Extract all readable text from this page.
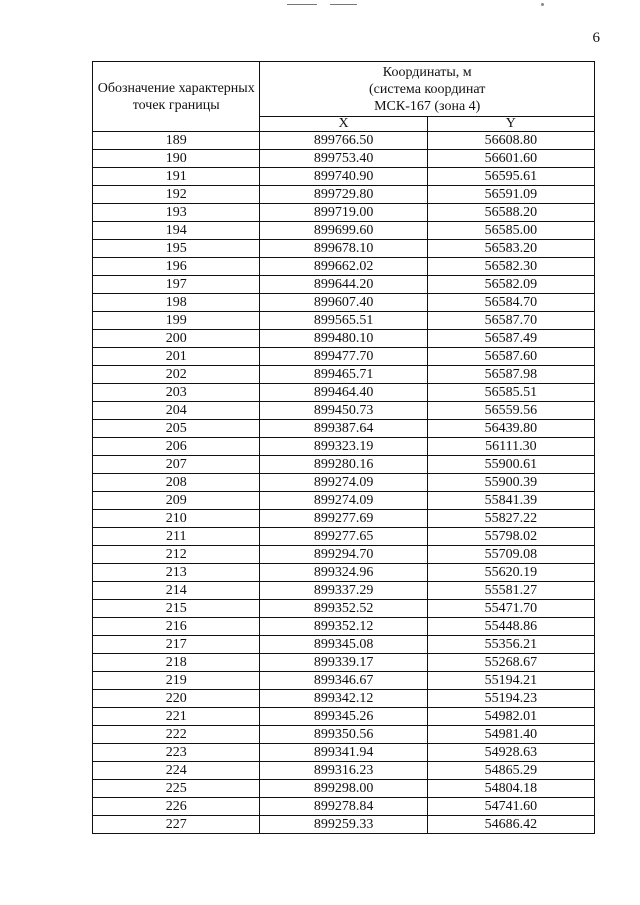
6
Обозначение характерных точек границы	Координаты, м
(система координат
МСК-167 (зона 4)	
	X	Y
189	899766.50	56608.80
190	899753.40	56601.60
191	899740.90	56595.61
192	899729.80	56591.09
193	899719.00	56588.20
194	899699.60	56585.00
195	899678.10	56583.20
196	899662.02	56582.30
197	899644.20	56582.09
198	899607.40	56584.70
199	899565.51	56587.70
200	899480.10	56587.49
201	899477.70	56587.60
202	899465.71	56587.98
203	899464.40	56585.51
204	899450.73	56559.56
205	899387.64	56439.80
206	899323.19	56111.30
207	899280.16	55900.61
208	899274.09	55900.39
209	899274.09	55841.39
210	899277.69	55827.22
211	899277.65	55798.02
212	899294.70	55709.08
213	899324.96	55620.19
214	899337.29	55581.27
215	899352.52	55471.70
216	899352.12	55448.86
217	899345.08	55356.21
218	899339.17	55268.67
219	899346.67	55194.21
220	899342.12	55194.23
221	899345.26	54982.01
222	899350.56	54981.40
223	899341.94	54928.63
224	899316.23	54865.29
225	899298.00	54804.18
226	899278.84	54741.60
227	899259.33	54686.42
